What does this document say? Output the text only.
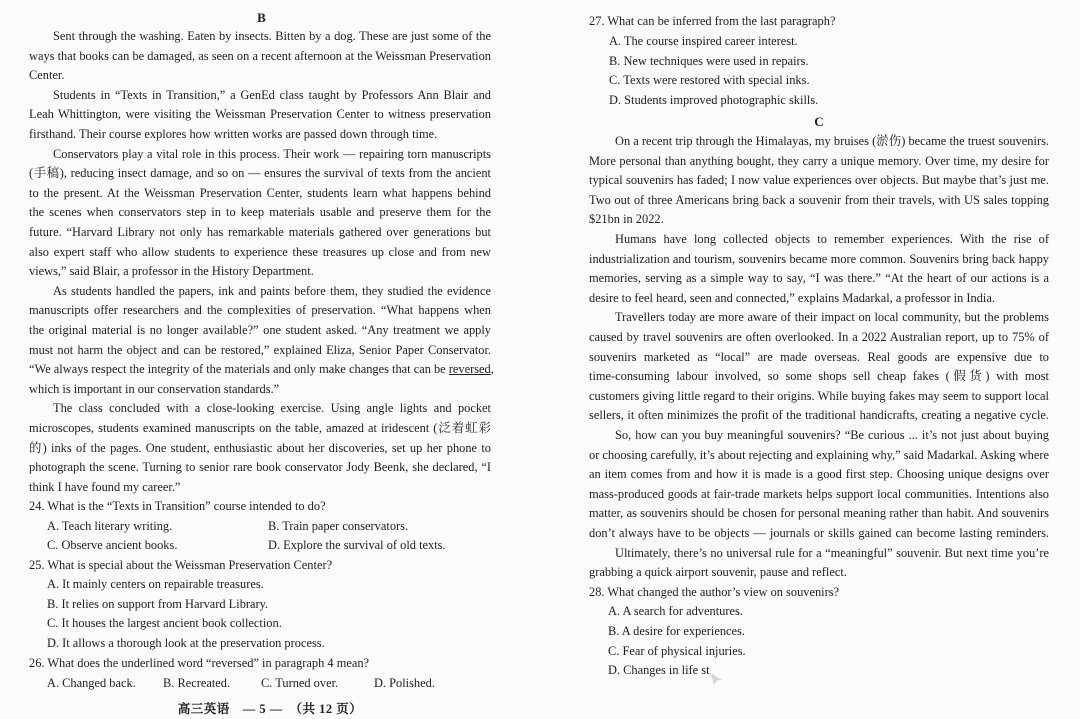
B
Sent through the washing. Eaten by insects. Bitten by a dog. These are just some of the
ways that books can be damaged, as seen on a recent afternoon at the Weissman Preservation
Center.
Students in “Texts in Transition,” a GenEd class taught by Professors Ann Blair and
Leah Whittington, were visiting the Weissman Preservation Center to witness preservation
firsthand. Their course explores how written works are passed down through time.
Conservators play a vital role in this process. Their work — repairing torn manuscripts
(手稿), reducing insect damage, and so on — ensures the survival of texts from the ancient
to the present. At the Weissman Preservation Center, students learn what happens behind
the scenes when conservators step in to keep materials usable and preserve them for the
future. “Harvard Library not only has remarkable materials gathered over generations but
also expert staff who allow students to experience these treasures up close and from new
views,” said Blair, a professor in the History Department.
As students handled the papers, ink and paints before them, they studied the evidence
manuscripts offer researchers and the complexities of preservation. “What happens when
the original material is no longer available?” one student asked. “Any treatment we apply
must not harm the object and can be restored,” explained Eliza, Senior Paper Conservator.
“We always respect the integrity of the materials and only make changes that can be reversed,
which is important in our conservation standards.”
The class concluded with a close-looking exercise. Using angle lights and pocket
microscopes, students examined manuscripts on the table, amazed at iridescent (泛着虹彩
的) inks of the pages. One student, enthusiastic about her discoveries, set up her phone to
photograph the scene. Turning to senior rare book conservator Jody Beenk, she declared, “I
think I have found my career.”
24. What is the “Texts in Transition” course intended to do?
A. Teach literary writing.	B. Train paper conservators.
C. Observe ancient books.	D. Explore the survival of old texts.
25. What is special about the Weissman Preservation Center?
A. It mainly centers on repairable treasures.
B. It relies on support from Harvard Library.
C. It houses the largest ancient book collection.
D. It allows a thorough look at the preservation process.
26. What does the underlined word “reversed” in paragraph 4 mean?
A. Changed back.	B. Recreated.	C. Turned over.	D. Polished.
27. What can be inferred from the last paragraph?
A. The course inspired career interest.
B. New techniques were used in repairs.
C. Texts were restored with special inks.
D. Students improved photographic skills.
C
On a recent trip through the Himalayas, my bruises (淤伤) became the truest souvenirs.
More personal than anything bought, they carry a unique memory. Over time, my desire for
typical souvenirs has faded; I now value experiences over objects. But maybe that’s just me.
Two out of three Americans bring back a souvenir from their travels, with US sales topping
$21bn in 2022.
Humans have long collected objects to remember experiences. With the rise of
industrialization and tourism, souvenirs became more common. Souvenirs bring back happy
memories, serving as a simple way to say, “I was there.” “At the heart of our actions is a
desire to feel heard, seen and connected,” explains Madarkal, a professor in India.
Travellers today are more aware of their impact on local community, but the problems
caused by travel souvenirs are often overlooked. In a 2022 Australian report, up to 75% of
souvenirs marketed as “local” are made overseas. Real goods are expensive due to
time-consuming labour involved, so some shops sell cheap fakes (假货) with most
customers giving little regard to their origins. While buying fakes may seem to support local
sellers, it often minimizes the profit of the traditional handicrafts, creating a negative cycle.
So, how can you buy meaningful souvenirs? “Be curious ... it’s not just about buying
or choosing carefully, it’s about rejecting and explaining why,” said Madarkal. Asking where
an item comes from and how it is made is a good first step. Choosing unique designs over
mass-produced goods at fair-trade markets helps support local communities. Intentions also
matter, as souvenirs should be chosen for personal meaning rather than habit. And souvenirs
don’t always have to be objects — journals or skills gained can become lasting reminders.
Ultimately, there’s no universal rule for a “meaningful” souvenir. But next time you’re
grabbing a quick airport souvenir, pause and reflect.
28. What changed the author’s view on souvenirs?
A. A search for adventures.
B. A desire for experiences.
C. Fear of physical injuries.
D. Changes in life st
高三英语　— 5 —　（共 12 页）
